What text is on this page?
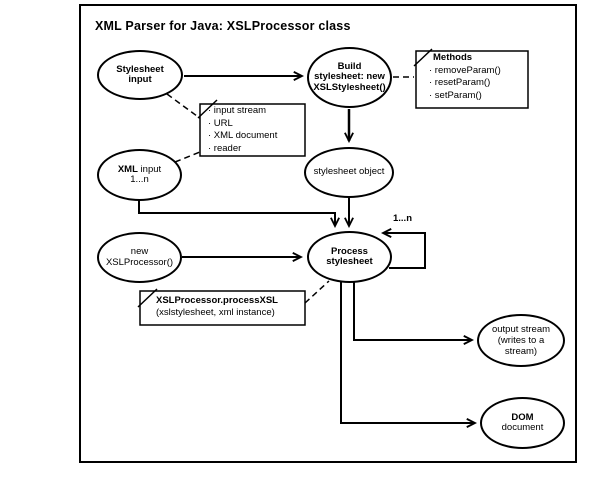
XML Parser for Java: XSLProcessor class
Stylesheet
input
Build
stylesheet: new
XSLStylesheet()
XML input
1...n
stylesheet object
new
XSLProcessor()
Process
stylesheet
output stream
(writes to a
stream)
DOM
document
· input stream
· URL
· XML document
· reader
Methods
· removeParam()
· resetParam()
· setParam()
XSLProcessor.processXSL
(xslstylesheet, xml instance)
1...n
